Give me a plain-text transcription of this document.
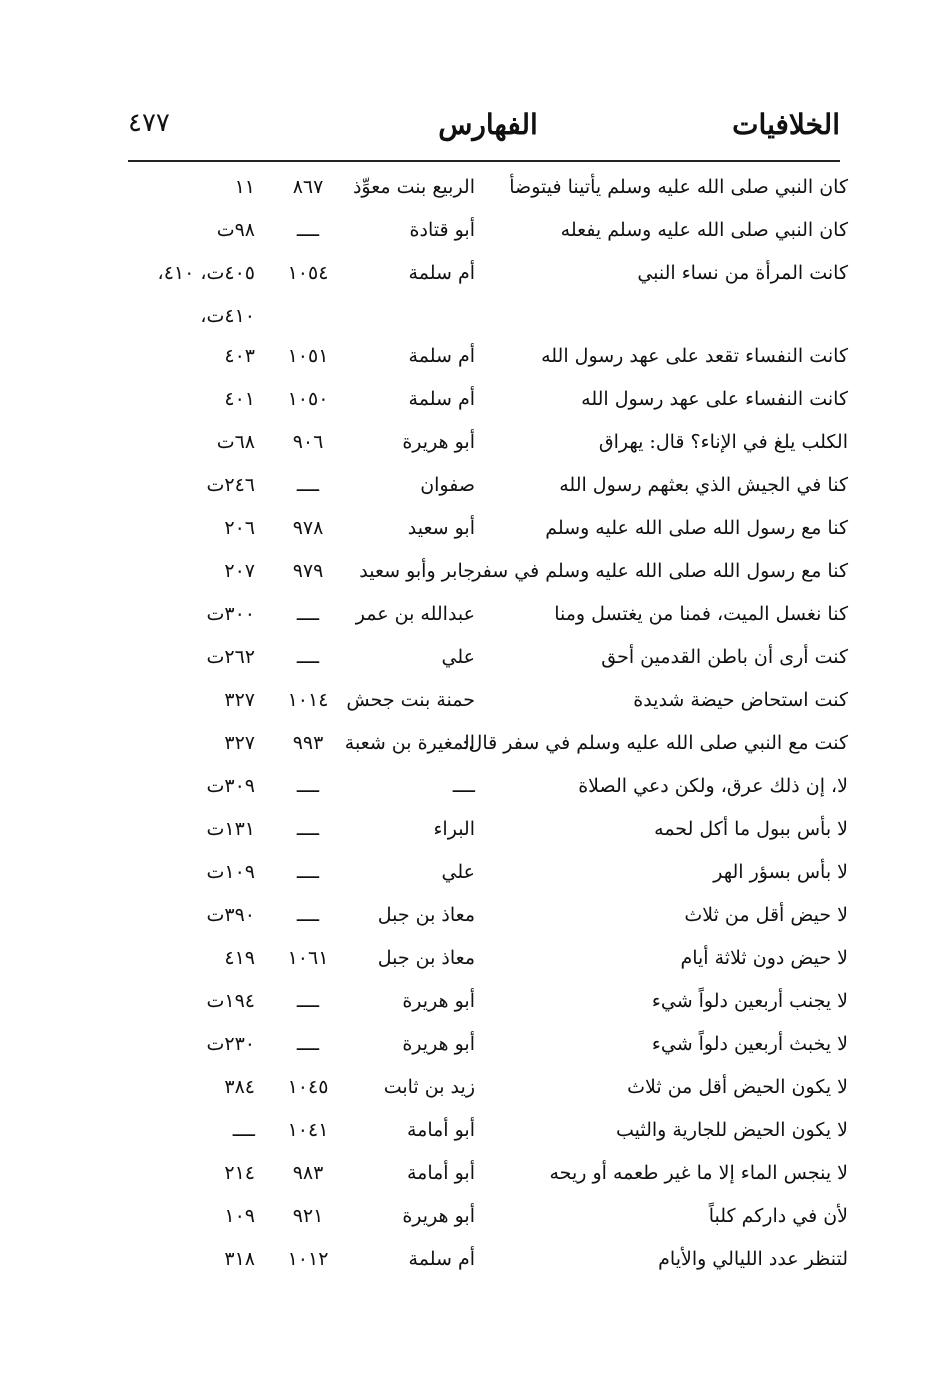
الخلافيات
الفهارس
٤٧٧
كان النبي صلى الله عليه وسلم يأتينا فيتوضأ
الربيع بنت معوِّذ
٨٦٧
١١
كان النبي صلى الله عليه وسلم يفعله
أبو قتادة
ــــ
٩٨ت
كانت المرأة من نساء النبي
أم سلمة
١٠٥٤
٤٠٥ت، ٤١٠،
٤١٠ت،
كانت النفساء تقعد على عهد رسول الله
أم سلمة
١٠٥١
٤٠٣
كانت النفساء على عهد رسول الله
أم سلمة
١٠٥٠
٤٠١
الكلب يلغ في الإناء؟ قال: يهراق
أبو هريرة
٩٠٦
٦٨ت
كنا في الجيش الذي بعثهم رسول الله
صفوان
ــــ
٢٤٦ت
كنا مع رسول الله صلى الله عليه وسلم
أبو سعيد
٩٧٨
٢٠٦
كنا مع رسول الله صلى الله عليه وسلم في سفر
جابر وأبو سعيد
٩٧٩
٢٠٧
كنا نغسل الميت، فمنا من يغتسل ومنا
عبدالله بن عمر
ــــ
٣٠٠ت
كنت أرى أن باطن القدمين أحق
علي
ــــ
٢٦٢ت
كنت استحاض حيضة شديدة
حمنة بنت جحش
١٠١٤
٣٢٧
كنت مع النبي صلى الله عليه وسلم في سفر قال:
المغيرة بن شعبة
٩٩٣
٣٢٧
لا، إن ذلك عرق، ولكن دعي الصلاة
ــــ
ــــ
٣٠٩ت
لا بأس ببول ما أكل لحمه
البراء
ــــ
١٣١ت
لا بأس بسؤر الهر
علي
ــــ
١٠٩ت
لا حيض أقل من ثلاث
معاذ بن جبل
ــــ
٣٩٠ت
لا حيض دون ثلاثة أيام
معاذ بن جبل
١٠٦١
٤١٩
لا يجنب أربعين دلواً شيء
أبو هريرة
ــــ
١٩٤ت
لا يخبث أربعين دلواً شيء
أبو هريرة
ــــ
٢٣٠ت
لا يكون الحيض أقل من ثلاث
زيد بن ثابت
١٠٤٥
٣٨٤
لا يكون الحيض للجارية والثيب
أبو أمامة
١٠٤١
ــــ
لا ينجس الماء إلا ما غير طعمه أو ريحه
أبو أمامة
٩٨٣
٢١٤
لأن في داركم كلباً
أبو هريرة
٩٢١
١٠٩
لتنظر عدد الليالي والأيام
أم سلمة
١٠١٢
٣١٨
